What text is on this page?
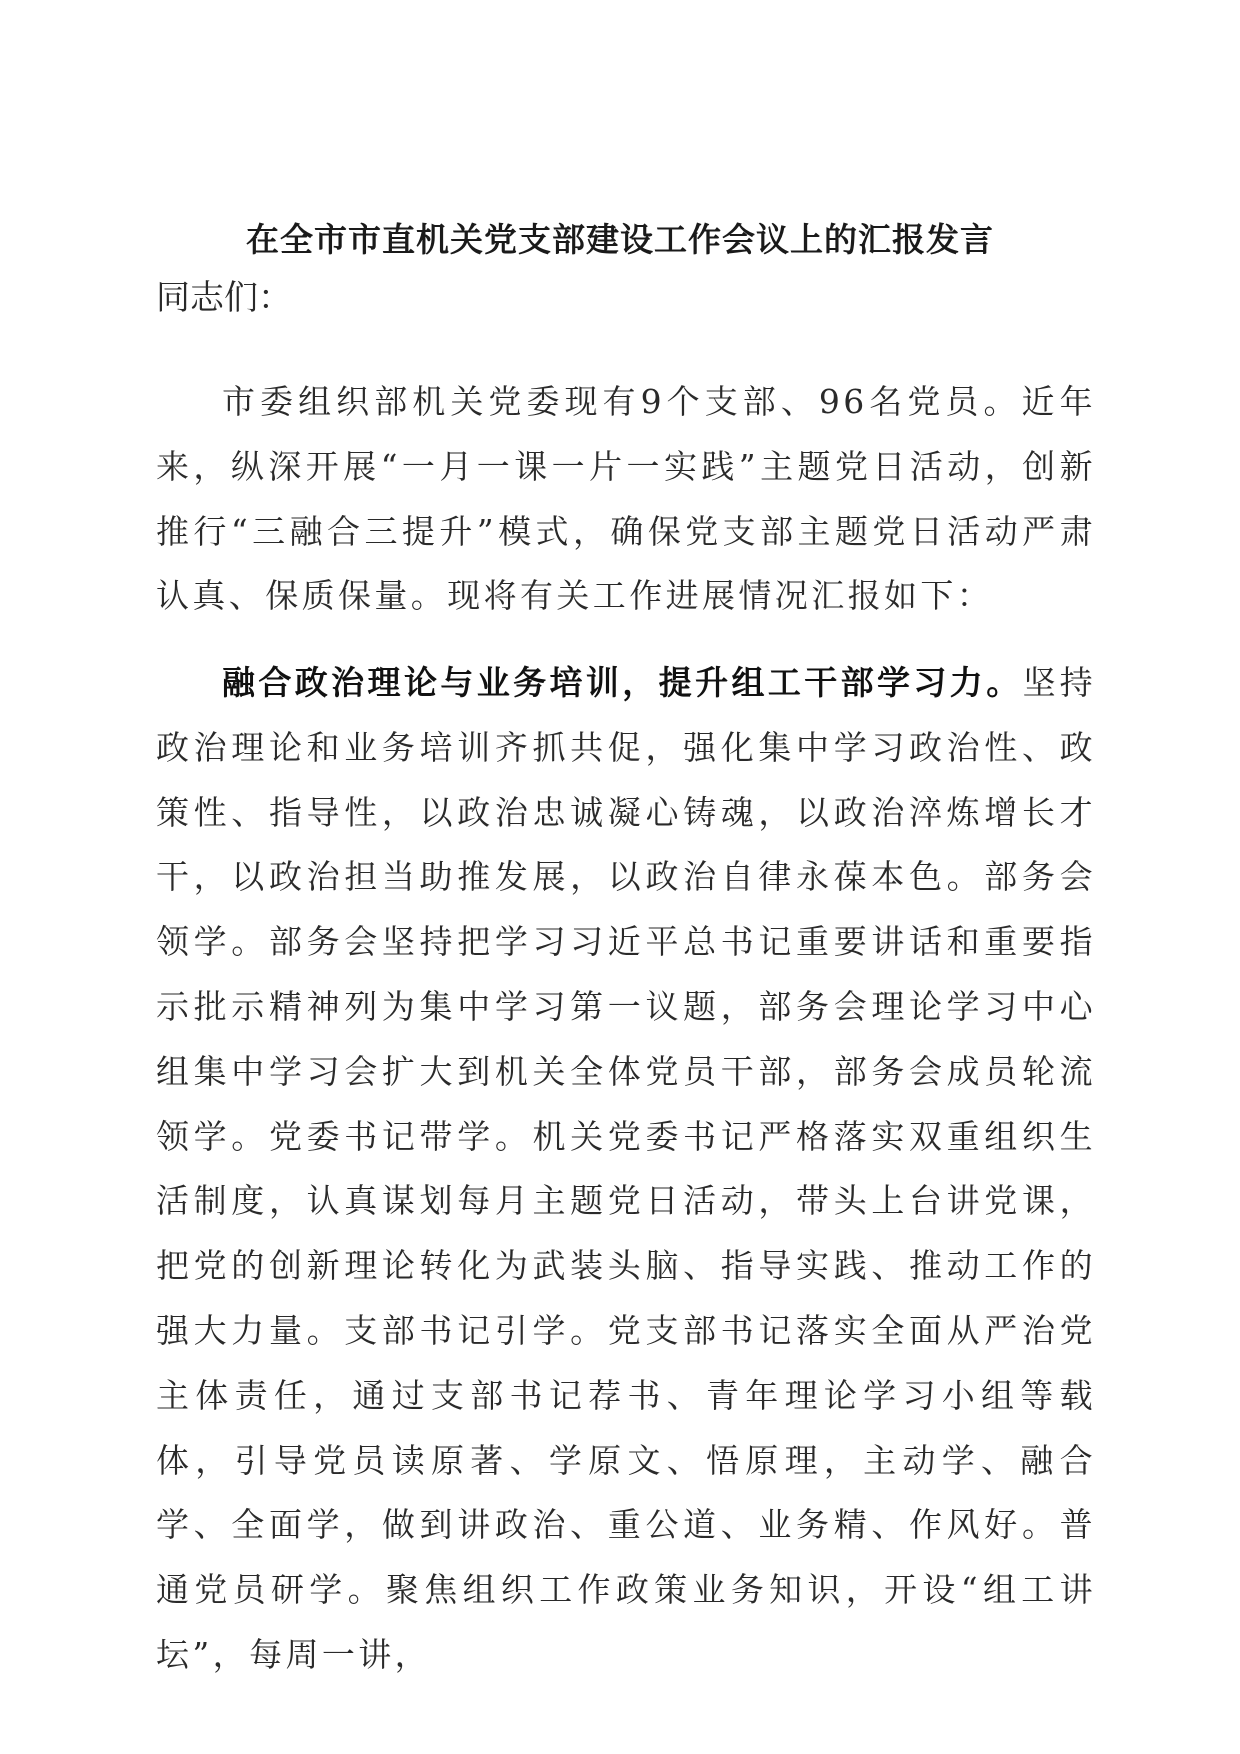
在全市市直机关党支部建设工作会议上的汇报发言

同志们：

市委组织部机关党委现有9个支部、96名党员。近年来，纵深开展“一月一课一片一实践”主题党日活动，创新推行“三融合三提升”模式，确保党支部主题党日活动严肃认真、保质保量。现将有关工作进展情况汇报如下：

融合政治理论与业务培训，提升组工干部学习力。坚持政治理论和业务培训齐抓共促，强化集中学习政治性、政策性、指导性，以政治忠诚凝心铸魂，以政治淬炼增长才干，以政治担当助推发展，以政治自律永葆本色。部务会领学。部务会坚持把学习习近平总书记重要讲话和重要指示批示精神列为集中学习第一议题，部务会理论学习中心组集中学习会扩大到机关全体党员干部，部务会成员轮流领学。党委书记带学。机关党委书记严格落实双重组织生活制度，认真谋划每月主题党日活动，带头上台讲党课，把党的创新理论转化为武装头脑、指导实践、推动工作的强大力量。支部书记引学。党支部书记落实全面从严治党主体责任，通过支部书记荐书、青年理论学习小组等载体，引导党员读原著、学原文、悟原理，主动学、融合学、全面学，做到讲政治、重公道、业务精、作风好。普通党员研学。聚焦组织工作政策业务知识，开设“组工讲坛”，每周一讲，
